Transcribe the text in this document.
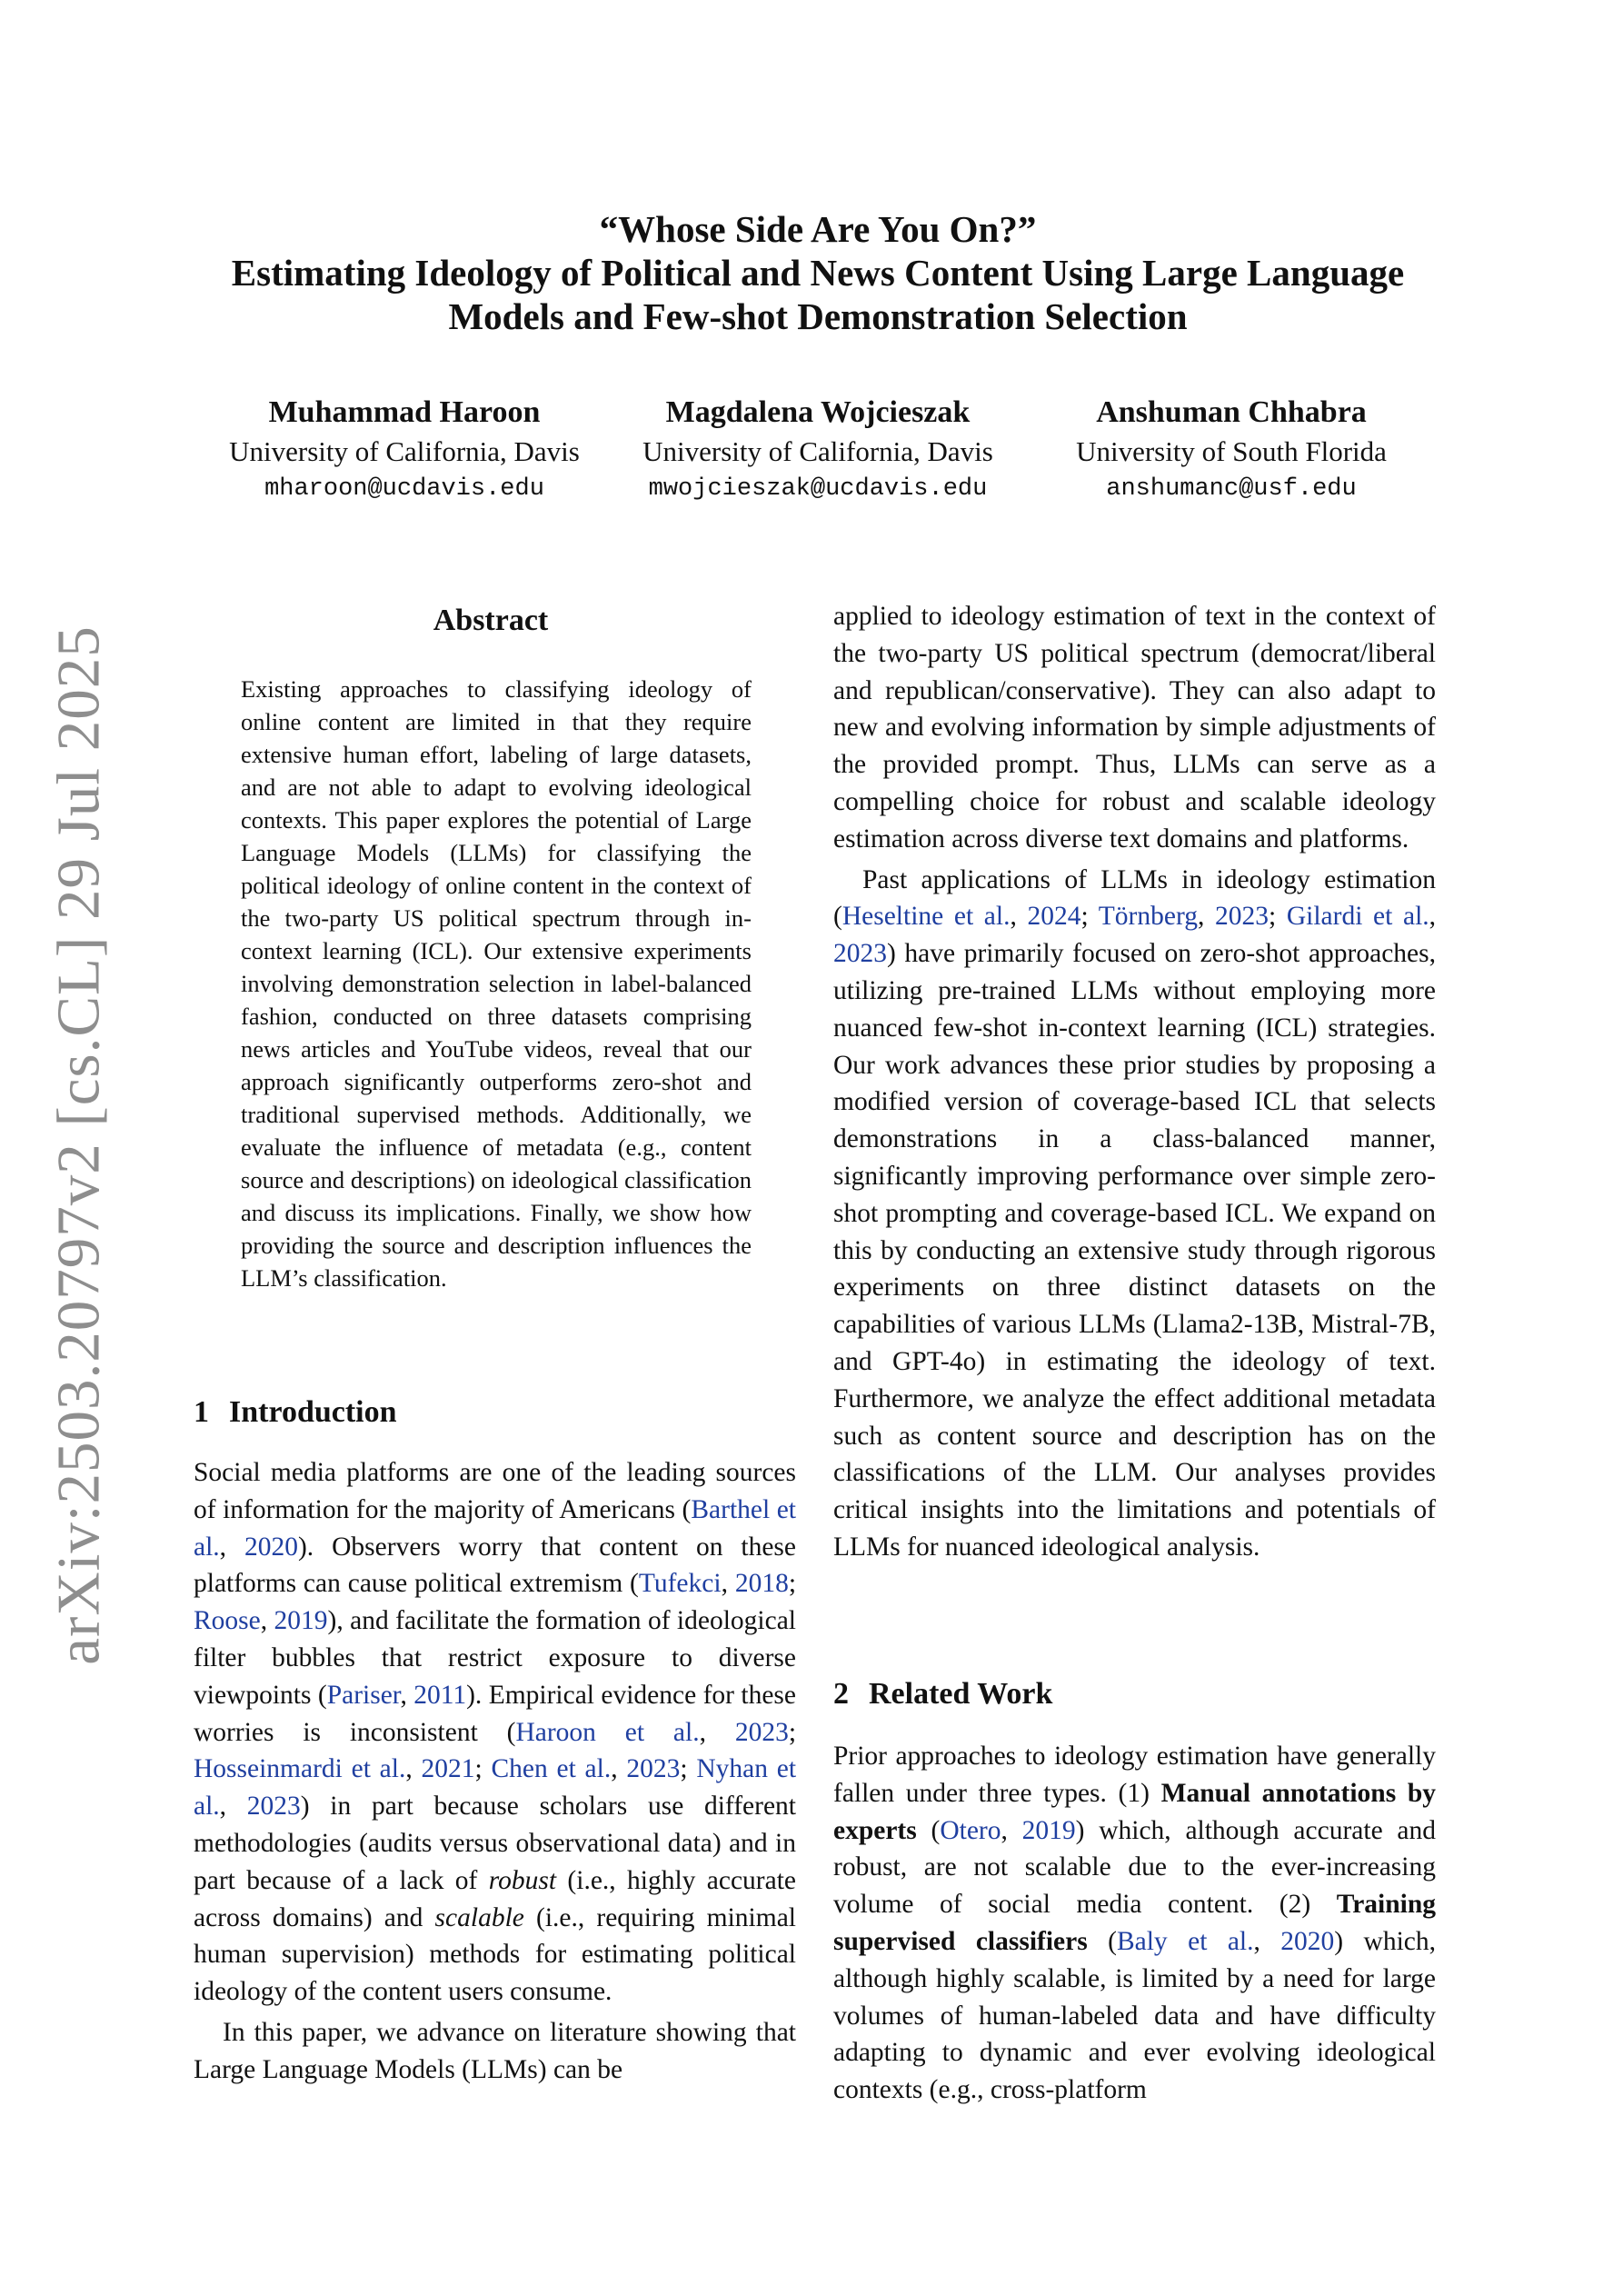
arXiv:2503.20797v2 [cs.CL] 29 Jul 2025
“Whose Side Are You On?”
Estimating Ideology of Political and News Content Using Large Language
Models and Few-shot Demonstration Selection
Muhammad Haroon
University of California, Davis
mharoon@ucdavis.edu
Magdalena Wojcieszak
University of California, Davis
mwojcieszak@ucdavis.edu
Anshuman Chhabra
University of South Florida
anshumanc@usf.edu
Abstract
Existing approaches to classifying ideology of online content are limited in that they require extensive human effort, labeling of large datasets, and are not able to adapt to evolving ideological contexts. This paper explores the potential of Large Language Models (LLMs) for classifying the political ideology of online content in the context of the two-party US political spectrum through in-context learning (ICL). Our extensive experiments involving demonstration selection in label-balanced fashion, conducted on three datasets comprising news articles and YouTube videos, reveal that our approach significantly outperforms zero-shot and traditional supervised methods. Additionally, we evaluate the influence of metadata (e.g., content source and descriptions) on ideological classification and discuss its implications. Finally, we show how providing the source and description influences the LLM’s classification.
1 Introduction

Social media platforms are one of the leading sources of information for the majority of Americans (Barthel et al., 2020). Observers worry that content on these platforms can cause political extremism (Tufekci, 2018; Roose, 2019), and facilitate the formation of ideological filter bubbles that restrict exposure to diverse viewpoints (Pariser, 2011). Empirical evidence for these worries is inconsistent (Haroon et al., 2023; Hosseinmardi et al., 2021; Chen et al., 2023; Nyhan et al., 2023) in part because scholars use different methodologies (audits versus observational data) and in part because of a lack of robust (i.e., highly accurate across domains) and scalable (i.e., requiring minimal human supervision) methods for estimating political ideology of the content users consume.

In this paper, we advance on literature showing that Large Language Models (LLMs) can be

applied to ideology estimation of text in the context of the two-party US political spectrum (democrat/liberal and republican/conservative). They can also adapt to new and evolving information by simple adjustments of the provided prompt. Thus, LLMs can serve as a compelling choice for robust and scalable ideology estimation across diverse text domains and platforms.

Past applications of LLMs in ideology estimation (Heseltine et al., 2024; Törnberg, 2023; Gilardi et al., 2023) have primarily focused on zero-shot approaches, utilizing pre-trained LLMs without employing more nuanced few-shot in-context learning (ICL) strategies. Our work advances these prior studies by proposing a modified version of coverage-based ICL that selects demonstrations in a class-balanced manner, significantly improving performance over simple zero-shot prompting and coverage-based ICL. We expand on this by conducting an extensive study through rigorous experiments on three distinct datasets on the capabilities of various LLMs (Llama2-13B, Mistral-7B, and GPT-4o) in estimating the ideology of text. Furthermore, we analyze the effect additional metadata such as content source and description has on the classifications of the LLM. Our analyses provides critical insights into the limitations and potentials of LLMs for nuanced ideological analysis.

2 Related Work

Prior approaches to ideology estimation have generally fallen under three types. (1) Manual annotations by experts (Otero, 2019) which, although accurate and robust, are not scalable due to the ever-increasing volume of social media content. (2) Training supervised classifiers (Baly et al., 2020) which, although highly scalable, is limited by a need for large volumes of human-labeled data and have difficulty adapting to dynamic and ever evolving ideological contexts (e.g., cross-platform
